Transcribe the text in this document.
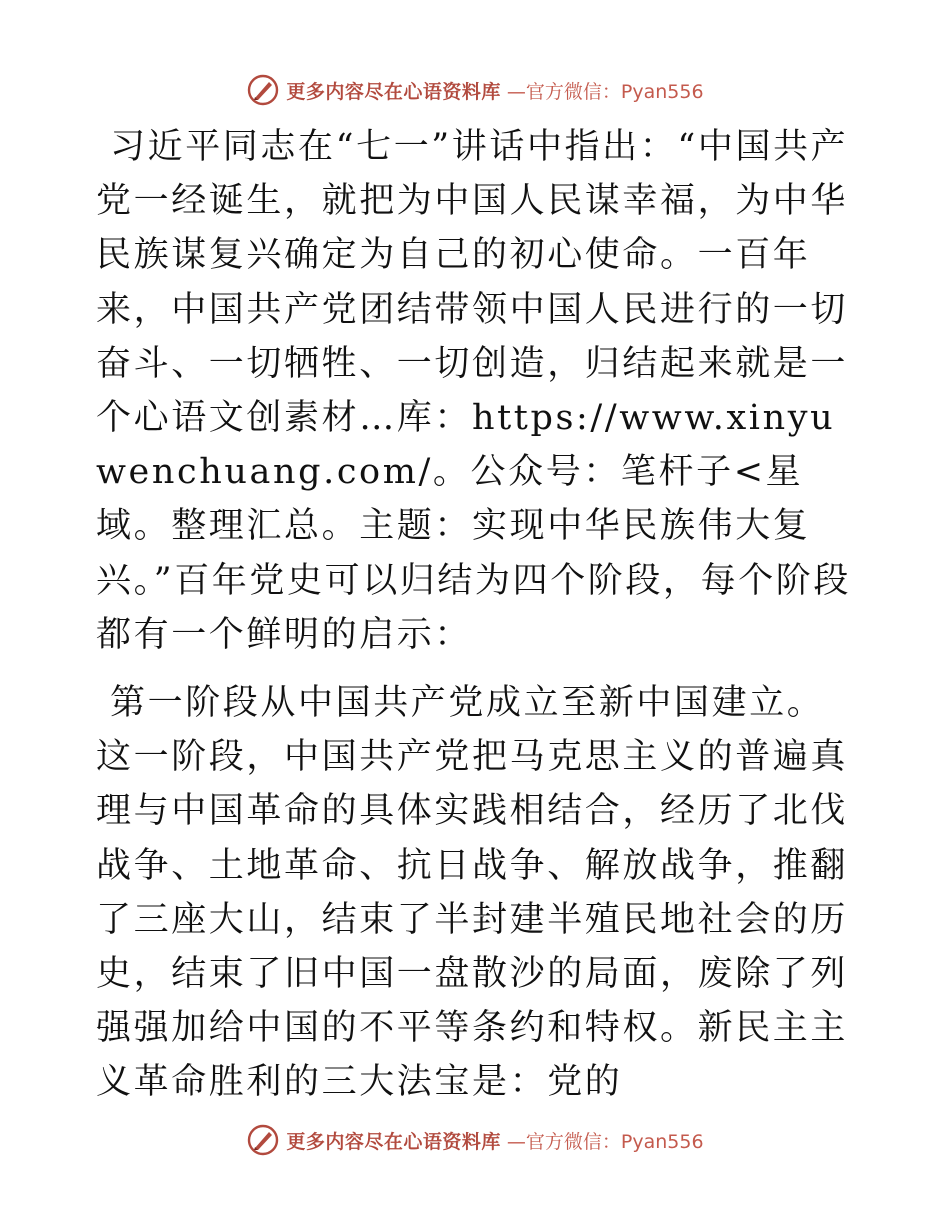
更多内容尽在心语资料库 —官方微信：Pyan556

习近平同志在“七一”讲话中指出：“中国共产党一经诞生，就把为中国人民谋幸福，为中华民族谋复兴确定为自己的初心使命。一百年来，中国共产党团结带领中国人民进行的一切奋斗、一切牺牲、一切创造，归结起来就是一个心语文创素材…库：https://www.xinyuwenchuang.com/。公众号：笔杆子<星域。整理汇总。主题：实现中华民族伟大复兴。”百年党史可以归结为四个阶段，每个阶段都有一个鲜明的启示：

第一阶段从中国共产党成立至新中国建立。这一阶段，中国共产党把马克思主义的普遍真理与中国革命的具体实践相结合，经历了北伐战争、土地革命、抗日战争、解放战争，推翻了三座大山，结束了半封建半殖民地社会的历史，结束了旧中国一盘散沙的局面，废除了列强强加给中国的不平等条约和特权。新民主主义革命胜利的三大法宝是：党的

更多内容尽在心语资料库 —官方微信：Pyan556
